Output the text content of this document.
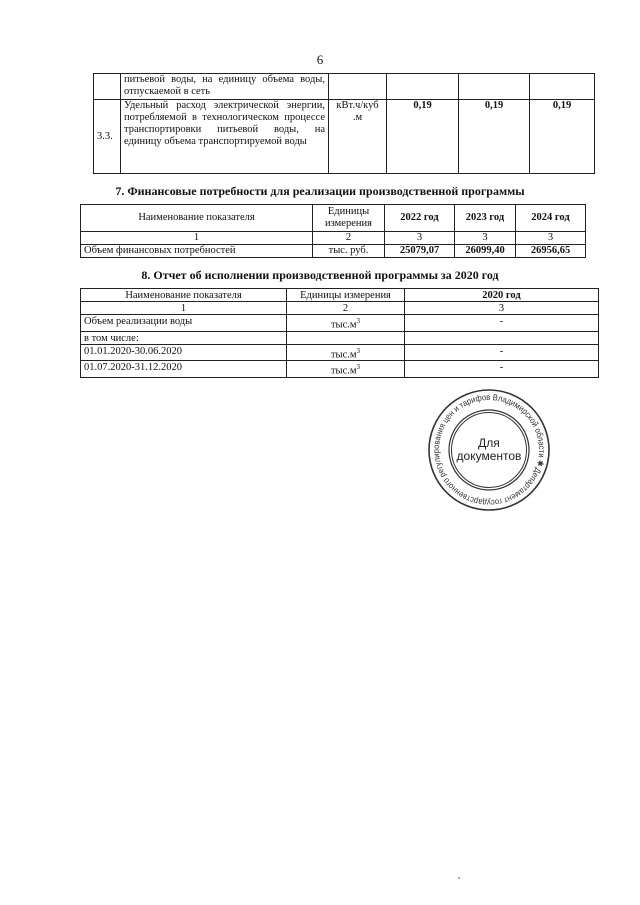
6
	питьевой воды, на единицу объема воды, отпускаемой в сеть				
3.3.	Удельный расход электрической энергии, потребляемой в технологическом процессе транспортировки питьевой воды, на единицу объема транспортируемой воды	кВт.ч/куб .м	0,19	0,19	0,19
7. Финансовые потребности для реализации производственной программы
Наименование показателя	Единицы измерения	2022 год	2023 год	2024 год
1	2	3	3	3
Объем финансовых потребностей	тыс. руб.	25079,07	26099,40	26956,65
8. Отчет об исполнении производственной программы за 2020 год
Наименование показателя	Единицы измерения	2020 год
1	2	3
Объем реализации воды	$тыс.м^3$	-
в том числе:		
01.01.2020-30.06.2020	$тыс.м^3$	-
01.07.2020-31.12.2020	$тыс.м^3$	-
Департамент государственного регулирования цен и тарифов Владимирской области ✱
Для
документов
